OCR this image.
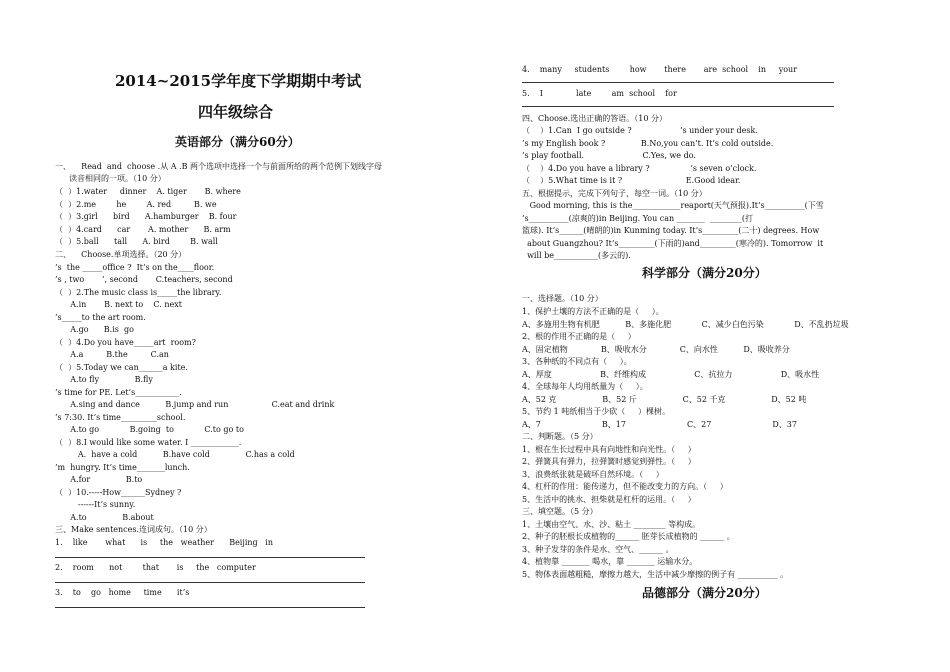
2014~2015学年度下学期期中考试
四年级综合
英语部分（满分60分）
一、    Read  and  choose .从 A .B 两个选项中选择一个与前面所给的两个范例下划线字母
读音相同的一项。（10 分）
（  ）1.water     dinner    A. tiger       B. where
（  ）2.me        he        A. red         B. we
（  ）3.girl      bird      A.hamburger    B. four
（  ）4.card      car       A. mother      B. arm
（  ）5.ball      tall      A. bird        B. wall
二、    Choose.单项选择。（20 分）
’s  the _____office ?  It’s on the____floor.
’s , two       ’, second       C.teachers, second
（  ）2.The music class is_____the library.
A.in       B. next to    C. next
’s_____to the art room.
A.go      B.is  go
（  ）4.Do you have_____art  room?
A.a         B.the         C.an
（  ）5.Today we can______a kite.
A.to fly              B.fly
’s time for PE. Let’s___________.
A.sing and dance          B.jump and run                 C.eat and drink
’s 7:30. It’s time_________school.
A.to go            B.going  to            C.to go to
（  ）8.I would like some water. I ____________.
A.  have a cold          B.have cold              C.has a cold
’m  hungry. It’s time_______lunch.
A.for              B.to
（  ）10.-----How______Sydney ?
------It’s sunny.
A.to              B.about
三、Make sentences.连词成句。（10 分）
1.    like       what      is     the   weather      Beijing   in
2.    room      not        that       is     the   computer
3.    to    go   home     time      it’s
4.    many     students        how       there       are  school    in     your
5.    I             late        am  school    for
四、Choose.选出正确的答语。（10 分）
（    ）1.Can  I go outside ?                   ’s under your desk.
’s my English book ?              B.No,you can’t. It’s cold outside.
’s play football.                       C.Yes, we do.
（    ）4.Do you have a library ?                ’s seven o’clock.
（    ）5.What time is it ?                         E.Good idear.
五、根据提示，完成下列句子，每空一词。（10 分）
Good morning, this is the____________reaport(天气预报).It’s__________(下雪
’s__________(凉爽的)in Beijing. You can _______  ________(打
篮球). It’s______(晴朗的)in Kunming today. It’s_________(二十) degrees. How
about Guangzhou? It’s_________(下雨的)and_________(寒冷的). Tomorrow  it
will be___________(多云的).
科学部分（满分20分）
一、选择题。（10 分）
1、保护土壤的方法不正确的是（     ）。
A、多施用生物有机肥          B、多施化肥            C、减少白色污染            D、不乱扔垃圾
2、根的作用不正确的是（     ）
A、固定植物             B、吸收水分             C、向水性          D、吸收养分
3、各种纸的不同点有（     ）。
A、厚度                   B、纤维构成                   C、抗拉力                   D、吸水性
4、全球每年人均用纸量为（     ）。
A、52 克                  B、52 斤                  C、52 千克                  D、52 吨
5、节约 1 吨纸相当于少砍（     ）棵树。
A、7                        B、17                        C、27                        D、37
二、判断题。（5 分）
1、根在生长过程中具有向地性和向光性。（     ）
2、弹簧具有弹力，拉弹簧时感觉到弹性。（     ）
3、浪费纸张就是破坏自然环境。（     ）
4、杠杆的作用：能传递力，但不能改变力的方向。（     ）
5、生活中的挑水、担柴就是杠杆的运用。（     ）
三、填空题。（5 分）
1、土壤由空气、水、沙、粘土 ________ 等构成。
2、种子的胚根长成植物的______ 胚芽长成植物的 ______ 。
3、种子发芽的条件是水、空气、______ 。
4、植物靠 _______ 喝水，靠 _______ 运输水分。
5、物体表面越粗糙，摩擦力越大，生活中减少摩擦的例子有 __________ 。
品德部分（满分20分）
